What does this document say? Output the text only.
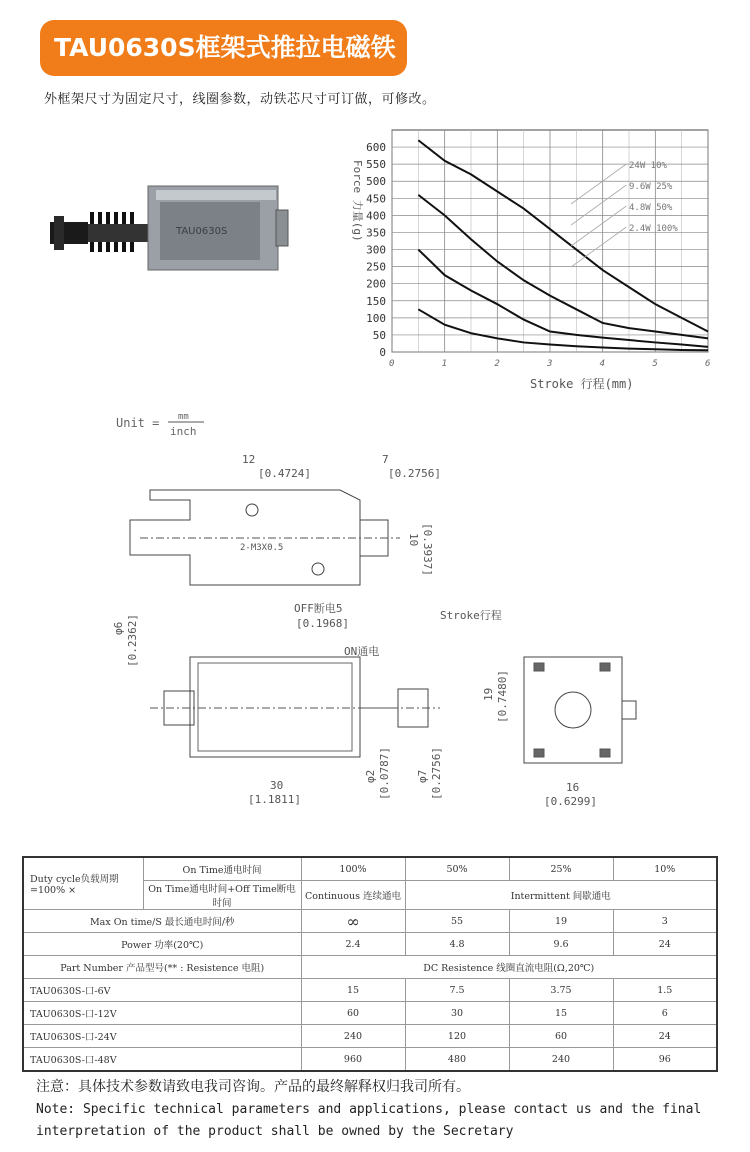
TAU0630S框架式推拉电磁铁
外框架尺寸为固定尺寸，线圈参数，动铁芯尺寸可订做，可修改。
TAU0630S	Force 力量(g)
Stroke 行程(mm)
0	1	2	3	4	5	6
0
50
100
150
200
250
300
350
400
450
500
550
600
24W 10%
9.6W 25%
4.8W 50%
2.4W 100%
Unit = mm
inch
12
[0.4724]
7
[0.2756]
10 [0.3937]
2-M3X0.5
OFF断电5
[0.1968]
Stroke行程
ON通电
φ6 [0.2362]
30
[1.1811]
φ2 [0.0787] φ7 [0.2756]
19 [0.7480]
16
[0.6299]
Duty cycle负载周期=100% ×	On Time通电时间	100%	50%	25%	10%
	On Time通电时间+Off Time断电时间	Continuous 连续通电	Intermittent 间歇通电		
Max On time/S 最长通电时间/秒		∞	55	19	3
Power 功率(20℃)		2.4	4.8	9.6	24
Part Number 产品型号(** : Resistence 电阻)		DC Resistence 线圈直流电阻(Ω,20℃)			
TAU0630S-口-6V		15	7.5	3.75	1.5
TAU0630S-口-12V		60	30	15	6
TAU0630S-口-24V		240	120	60	24
TAU0630S-口-48V		960	480	240	96
注意：具体技术参数请致电我司咨询。产品的最终解释权归我司所有。
Note: Specific technical parameters and applications, please contact us and the final
interpretation of the product shall be owned by the Secretary
